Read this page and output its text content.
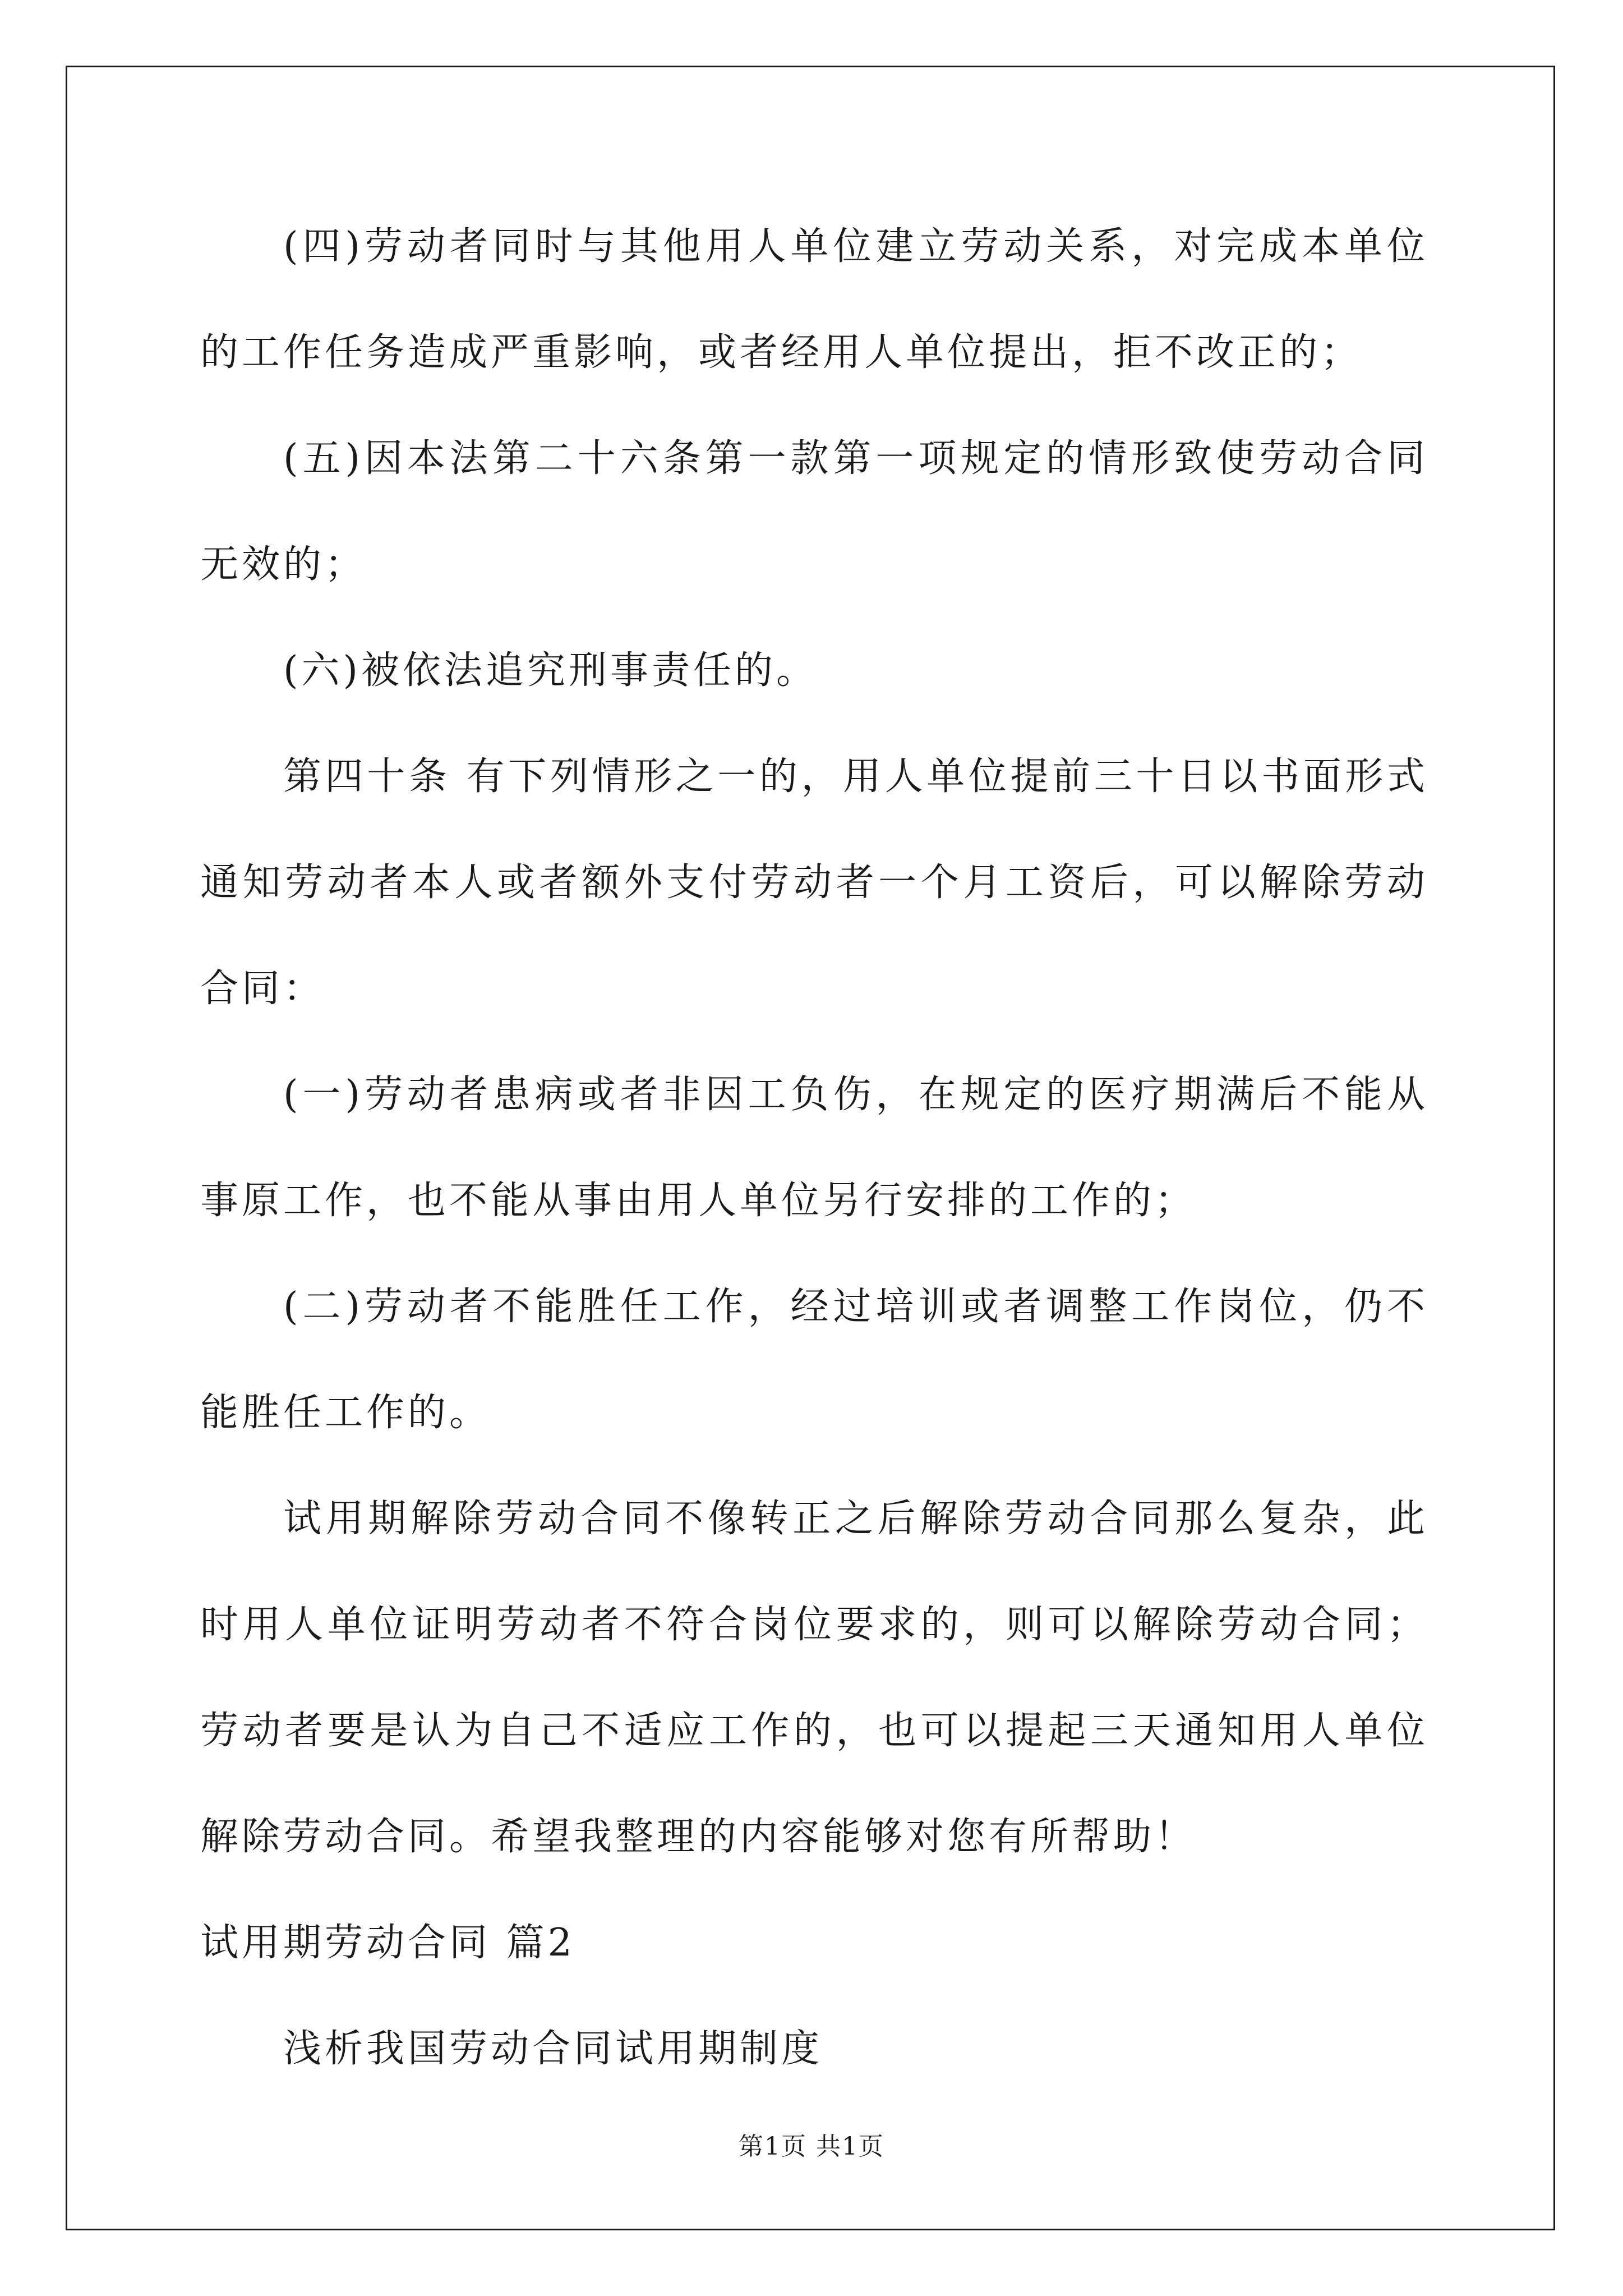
(四)劳动者同时与其他用人单位建立劳动关系，对完成本单位的工作任务造成严重影响，或者经用人单位提出，拒不改正的；

(五)因本法第二十六条第一款第一项规定的情形致使劳动合同无效的；

(六)被依法追究刑事责任的。

第四十条 有下列情形之一的，用人单位提前三十日以书面形式通知劳动者本人或者额外支付劳动者一个月工资后，可以解除劳动合同：

(一)劳动者患病或者非因工负伤，在规定的医疗期满后不能从事原工作，也不能从事由用人单位另行安排的工作的；

(二)劳动者不能胜任工作，经过培训或者调整工作岗位，仍不能胜任工作的。

试用期解除劳动合同不像转正之后解除劳动合同那么复杂，此时用人单位证明劳动者不符合岗位要求的，则可以解除劳动合同；劳动者要是认为自己不适应工作的，也可以提起三天通知用人单位解除劳动合同。希望我整理的内容能够对您有所帮助！

试用期劳动合同 篇2

浅析我国劳动合同试用期制度

第1页 共1页
